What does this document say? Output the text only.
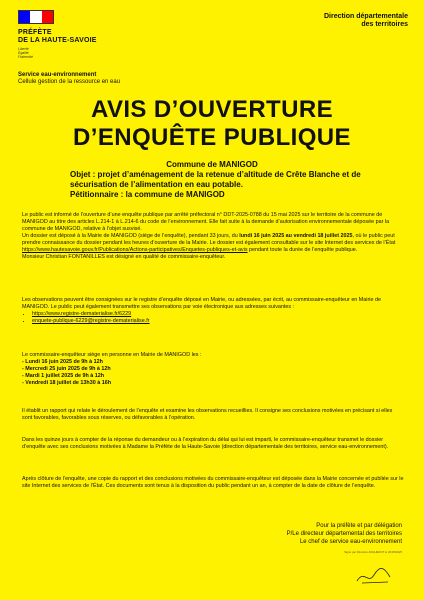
PRÉFÈTE
DE LA HAUTE-SAVOIE
Liberté
Égalité
Fraternité
Direction départementale
des territoires
Service eau-environnement
Cellule gestion de la ressource en eau
AVIS D’OUVERTURE
D’ENQUÊTE PUBLIQUE
Commune de MANIGOD
Objet : projet d’aménagement de la retenue d’altitude de Crête Blanche et de sécurisation de l’alimentation en eau potable.
Pétitionnaire : la commune de MANIGOD

Le public est informé de l’ouverture d’une enquête publique par arrêté préfectoral n° DDT-2025-0788 du 15 mai 2025 sur le territoire de la commune de MANIGOD au titre des articles L.214-1 à L.214-6 du code de l’environnement. Elle fait suite à la demande d’autorisation environnementale déposée par la commune de MANIGOD, relative à l’objet susvisé.

Un dossier est déposé à la Mairie de MANIGOD (siège de l’enquête), pendant 33 jours, du lundi 16 juin 2025 au vendredi 18 juillet 2025, où le public peut prendre connaissance du dossier pendant les heures d’ouverture de la Mairie. Le dossier est également consultable sur le site Internet des services de l’État https://www.hautesavoie.gouv.fr/Publications/Actions-participatives/Enquetes-publiques-et-avis pendant toute la durée de l’enquête publique.

Monsieur Christian FONTANILLES est désigné en qualité de commissaire-enquêteur.

Les observations peuvent être consignées sur le registre d’enquête déposé en Mairie, ou adressées, par écrit, au commissaire-enquêteur en Mairie de MANIGOD. Le public peut également transmettre ses observations par voie électronique aux adresses suivantes :

• https://www.registre-dematerialise.fr/6229
• enquete-publique-6229@registre-dematerialise.fr

Le commissaire-enquêteur siège en personne en Mairie de MANIGOD les :

- Lundi 16 juin 2025 de 9h à 12h

- Mercredi 25 juin 2025 de 9h à 12h

- Mardi 1 juillet 2025 de 9h à 12h

- Vendredi 18 juillet de 13h30 à 16h

Il établit un rapport qui relate le déroulement de l’enquête et examine les observations recueillies. Il consigne ses conclusions motivées en précisant si elles sont favorables, favorables sous réserves, ou défavorables à l’opération.

Dans les quinze jours à compter de la réponse du demandeur ou à l’expiration du délai qui lui est imparti, le commissaire-enquêteur transmet le dossier d’enquête avec ses conclusions motivées à Madame la Préfète de la Haute-Savoie (direction départementale des territoires, service eau-environnement).

Après clôture de l’enquête, une copie du rapport et des conclusions motivées du commissaire-enquêteur est déposée dans la Mairie concernée et publiée sur le site Internet des services de l’État. Ces documents sont tenus à la disposition du public pendant un an, à compter de la date de clôture de l’enquête.

Pour la préfète et par délégation
P/Le directeur départemental des territoires
Le chef de service eau-environnement
Signé par Direction ANGUENOT le 20/05/2025
